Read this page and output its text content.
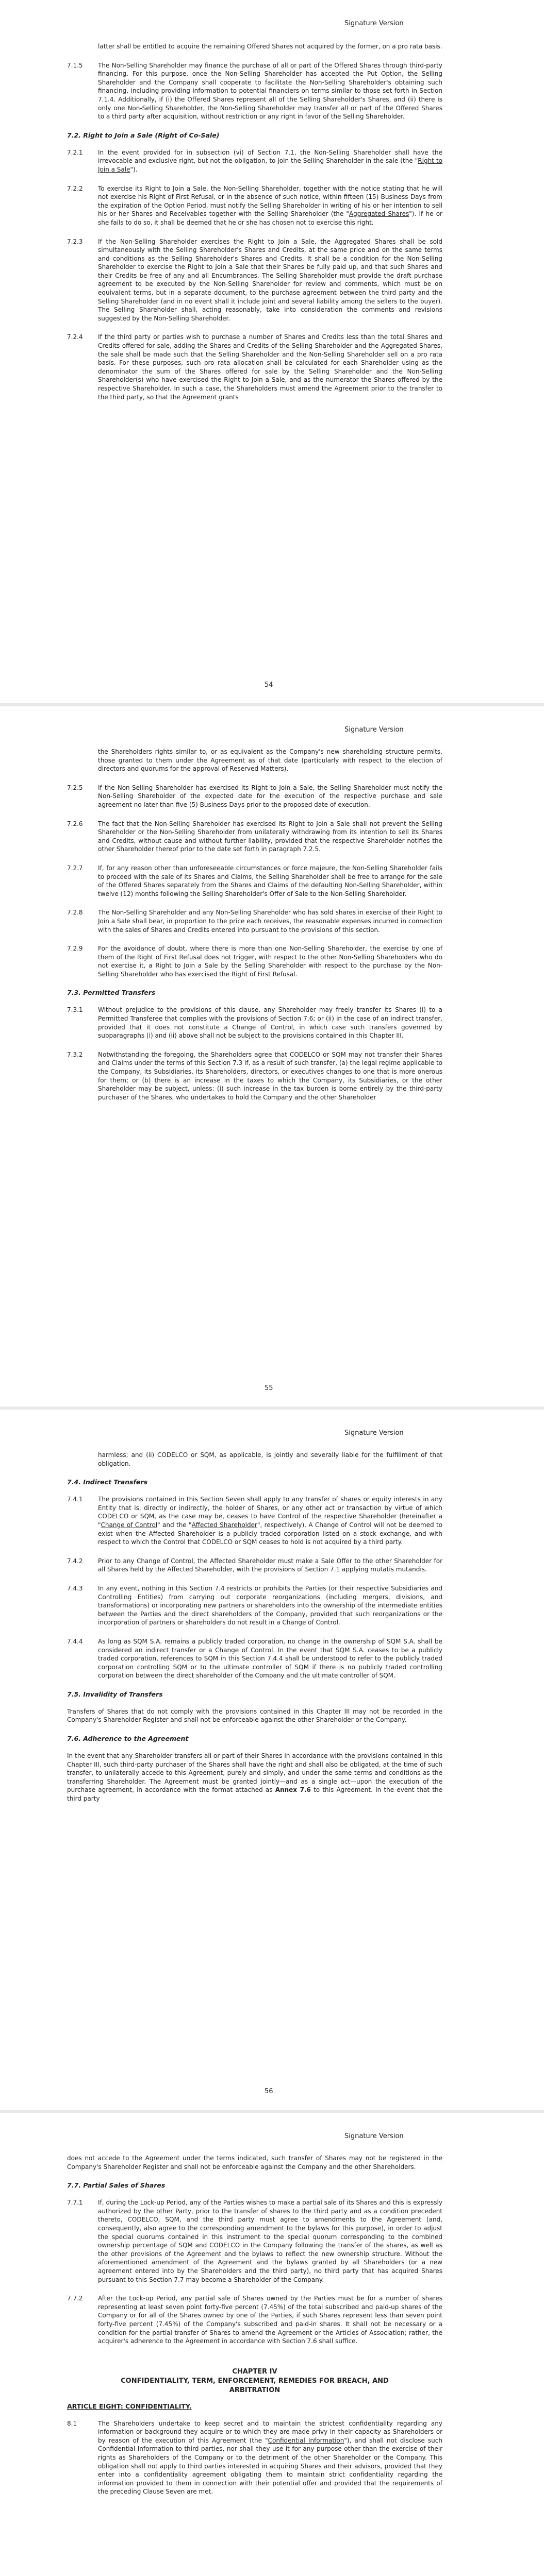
Signature Version
latter shall be entitled to acquire the remaining Offered Shares not acquired by the former, on a pro rata basis.
7.1.5 The Non-Selling Shareholder may finance the purchase of all or part of the Offered Shares through third-party financing. For this purpose, once the Non-Selling Shareholder has accepted the Put Option, the Selling Shareholder and the Company shall cooperate to facilitate the Non-Selling Shareholder's obtaining such financing, including providing information to potential financiers on terms similar to those set forth in Section 7.1.4. Additionally, if (i) the Offered Shares represent all of the Selling Shareholder's Shares, and (ii) there is only one Non-Selling Shareholder, the Non-Selling Shareholder may transfer all or part of the Offered Shares to a third party after acquisition, without restriction or any right in favor of the Selling Shareholder.
7.2. Right to Join a Sale (Right of Co-Sale)
7.2.1 In the event provided for in subsection (vi) of Section 7.1, the Non-Selling Shareholder shall have the irrevocable and exclusive right, but not the obligation, to join the Selling Shareholder in the sale (the "Right to Join a Sale").
7.2.2 To exercise its Right to Join a Sale, the Non-Selling Shareholder, together with the notice stating that he will not exercise his Right of First Refusal, or in the absence of such notice, within fifteen (15) Business Days from the expiration of the Option Period, must notify the Selling Shareholder in writing of his or her intention to sell his or her Shares and Receivables together with the Selling Shareholder (the "Aggregated Shares"). If he or she fails to do so, it shall be deemed that he or she has chosen not to exercise this right.
7.2.3 If the Non-Selling Shareholder exercises the Right to Join a Sale, the Aggregated Shares shall be sold simultaneously with the Selling Shareholder's Shares and Credits, at the same price and on the same terms and conditions as the Selling Shareholder's Shares and Credits. It shall be a condition for the Non-Selling Shareholder to exercise the Right to Join a Sale that their Shares be fully paid up, and that such Shares and their Credits be free of any and all Encumbrances. The Selling Shareholder must provide the draft purchase agreement to be executed by the Non-Selling Shareholder for review and comments, which must be on equivalent terms, but in a separate document, to the purchase agreement between the third party and the Selling Shareholder (and in no event shall it include joint and several liability among the sellers to the buyer). The Selling Shareholder shall, acting reasonably, take into consideration the comments and revisions suggested by the Non-Selling Shareholder.
7.2.4 If the third party or parties wish to purchase a number of Shares and Credits less than the total Shares and Credits offered for sale, adding the Shares and Credits of the Selling Shareholder and the Aggregated Shares, the sale shall be made such that the Selling Shareholder and the Non-Selling Shareholder sell on a pro rata basis. For these purposes, such pro rata allocation shall be calculated for each Shareholder using as the denominator the sum of the Shares offered for sale by the Selling Shareholder and the Non-Selling Shareholder(s) who have exercised the Right to Join a Sale, and as the numerator the Shares offered by the respective Shareholder. In such a case, the Shareholders must amend the Agreement prior to the transfer to the third party, so that the Agreement grants
54
Signature Version
the Shareholders rights similar to, or as equivalent as the Company's new shareholding structure permits, those granted to them under the Agreement as of that date (particularly with respect to the election of directors and quorums for the approval of Reserved Matters).
7.2.5 If the Non-Selling Shareholder has exercised its Right to Join a Sale, the Selling Shareholder must notify the Non-Selling Shareholder of the expected date for the execution of the respective purchase and sale agreement no later than five (5) Business Days prior to the proposed date of execution.
7.2.6 The fact that the Non-Selling Shareholder has exercised its Right to Join a Sale shall not prevent the Selling Shareholder or the Non-Selling Shareholder from unilaterally withdrawing from its intention to sell its Shares and Credits, without cause and without further liability, provided that the respective Shareholder notifies the other Shareholder thereof prior to the date set forth in paragraph 7.2.5.
7.2.7 If, for any reason other than unforeseeable circumstances or force majeure, the Non-Selling Shareholder fails to proceed with the sale of its Shares and Claims, the Selling Shareholder shall be free to arrange for the sale of the Offered Shares separately from the Shares and Claims of the defaulting Non-Selling Shareholder, within twelve (12) months following the Selling Shareholder's Offer of Sale to the Non-Selling Shareholder.
7.2.8 The Non-Selling Shareholder and any Non-Selling Shareholder who has sold shares in exercise of their Right to Join a Sale shall bear, in proportion to the price each receives, the reasonable expenses incurred in connection with the sales of Shares and Credits entered into pursuant to the provisions of this section.
7.2.9 For the avoidance of doubt, where there is more than one Non-Selling Shareholder, the exercise by one of them of the Right of First Refusal does not trigger, with respect to the other Non-Selling Shareholders who do not exercise it, a Right to Join a Sale by the Selling Shareholder with respect to the purchase by the Non-Selling Shareholder who has exercised the Right of First Refusal.
7.3. Permitted Transfers
7.3.1 Without prejudice to the provisions of this clause, any Shareholder may freely transfer its Shares (i) to a Permitted Transferee that complies with the provisions of Section 7.6; or (ii) in the case of an indirect transfer, provided that it does not constitute a Change of Control, in which case such transfers governed by subparagraphs (i) and (ii) above shall not be subject to the provisions contained in this Chapter III.
7.3.2 Notwithstanding the foregoing, the Shareholders agree that CODELCO or SQM may not transfer their Shares and Claims under the terms of this Section 7.3 if, as a result of such transfer, (a) the legal regime applicable to the Company, its Subsidiaries, its Shareholders, directors, or executives changes to one that is more onerous for them; or (b) there is an increase in the taxes to which the Company, its Subsidiaries, or the other Shareholder may be subject, unless: (i) such increase in the tax burden is borne entirely by the third-party purchaser of the Shares, who undertakes to hold the Company and the other Shareholder
55
Signature Version
harmless; and (ii) CODELCO or SQM, as applicable, is jointly and severally liable for the fulfillment of that obligation.
7.4. Indirect Transfers
7.4.1 The provisions contained in this Section Seven shall apply to any transfer of shares or equity interests in any Entity that is, directly or indirectly, the holder of Shares, or any other act or transaction by virtue of which CODELCO or SQM, as the case may be, ceases to have Control of the respective Shareholder (hereinafter a "Change of Control" and the "Affected Shareholder", respectively). A Change of Control will not be deemed to exist when the Affected Shareholder is a publicly traded corporation listed on a stock exchange, and with respect to which the Control that CODELCO or SQM ceases to hold is not acquired by a third party.
7.4.2 Prior to any Change of Control, the Affected Shareholder must make a Sale Offer to the other Shareholder for all Shares held by the Affected Shareholder, with the provisions of Section 7.1 applying mutatis mutandis.
7.4.3 In any event, nothing in this Section 7.4 restricts or prohibits the Parties (or their respective Subsidiaries and Controlling Entities) from carrying out corporate reorganizations (including mergers, divisions, and transformations) or incorporating new partners or shareholders into the ownership of the intermediate entities between the Parties and the direct shareholders of the Company, provided that such reorganizations or the incorporation of partners or shareholders do not result in a Change of Control.
7.4.4 As long as SQM S.A. remains a publicly traded corporation, no change in the ownership of SQM S.A. shall be considered an indirect transfer or a Change of Control. In the event that SQM S.A. ceases to be a publicly traded corporation, references to SQM in this Section 7.4.4 shall be understood to refer to the publicly traded corporation controlling SQM or to the ultimate controller of SQM if there is no publicly traded controlling corporation between the direct shareholder of the Company and the ultimate controller of SQM.
7.5. Invalidity of Transfers
Transfers of Shares that do not comply with the provisions contained in this Chapter III may not be recorded in the Company's Shareholder Register and shall not be enforceable against the other Shareholder or the Company.
7.6. Adherence to the Agreement
In the event that any Shareholder transfers all or part of their Shares in accordance with the provisions contained in this Chapter III, such third-party purchaser of the Shares shall have the right and shall also be obligated, at the time of such transfer, to unilaterally accede to this Agreement, purely and simply, and under the same terms and conditions as the transferring Shareholder. The Agreement must be granted jointly—and as a single act—upon the execution of the purchase agreement, in accordance with the format attached as Annex 7.6 to this Agreement. In the event that the third party
56
Signature Version
does not accede to the Agreement under the terms indicated, such transfer of Shares may not be registered in the Company's Shareholder Register and shall not be enforceable against the Company and the other Shareholders.
7.7. Partial Sales of Shares
7.7.1 If, during the Lock-up Period, any of the Parties wishes to make a partial sale of its Shares and this is expressly authorized by the other Party, prior to the transfer of shares to the third party and as a condition precedent thereto, CODELCO, SQM, and the third party must agree to amendments to the Agreement (and, consequently, also agree to the corresponding amendment to the bylaws for this purpose), in order to adjust the special quorums contained in this instrument to the special quorum corresponding to the combined ownership percentage of SQM and CODELCO in the Company following the transfer of the shares, as well as the other provisions of the Agreement and the bylaws to reflect the new ownership structure. Without the aforementioned amendment of the Agreement and the bylaws granted by all Shareholders (or a new agreement entered into by the Shareholders and the third party), no third party that has acquired Shares pursuant to this Section 7.7 may become a Shareholder of the Company.
7.7.2 After the Lock-up Period, any partial sale of Shares owned by the Parties must be for a number of shares representing at least seven point forty-five percent (7.45%) of the total subscribed and paid-up shares of the Company or for all of the Shares owned by one of the Parties, if such Shares represent less than seven point forty-five percent (7.45%) of the Company's subscribed and paid-in shares. It shall not be necessary or a condition for the partial transfer of Shares to amend the Agreement or the Articles of Association; rather, the acquirer's adherence to the Agreement in accordance with Section 7.6 shall suffice.
CHAPTER IV
CONFIDENTIALITY, TERM, ENFORCEMENT, REMEDIES FOR BREACH, AND
ARBITRATION
ARTICLE EIGHT: CONFIDENTIALITY.
8.1	The Shareholders undertake to keep secret and to maintain the strictest confidentiality regarding any information or background they acquire or to which they are made privy in their capacity as Shareholders or by reason of the execution of this Agreement (the "Confidential Information"), and shall not disclose such Confidential Information to third parties, nor shall they use it for any purpose other than the exercise of their rights as Shareholders of the Company or to the detriment of the other Shareholder or the Company. This obligation shall not apply to third parties interested in acquiring Shares and their advisors, provided that they enter into a confidentiality agreement obligating them to maintain strict confidentiality regarding the information provided to them in connection with their potential offer and provided that the requirements of the preceding Clause Seven are met.
